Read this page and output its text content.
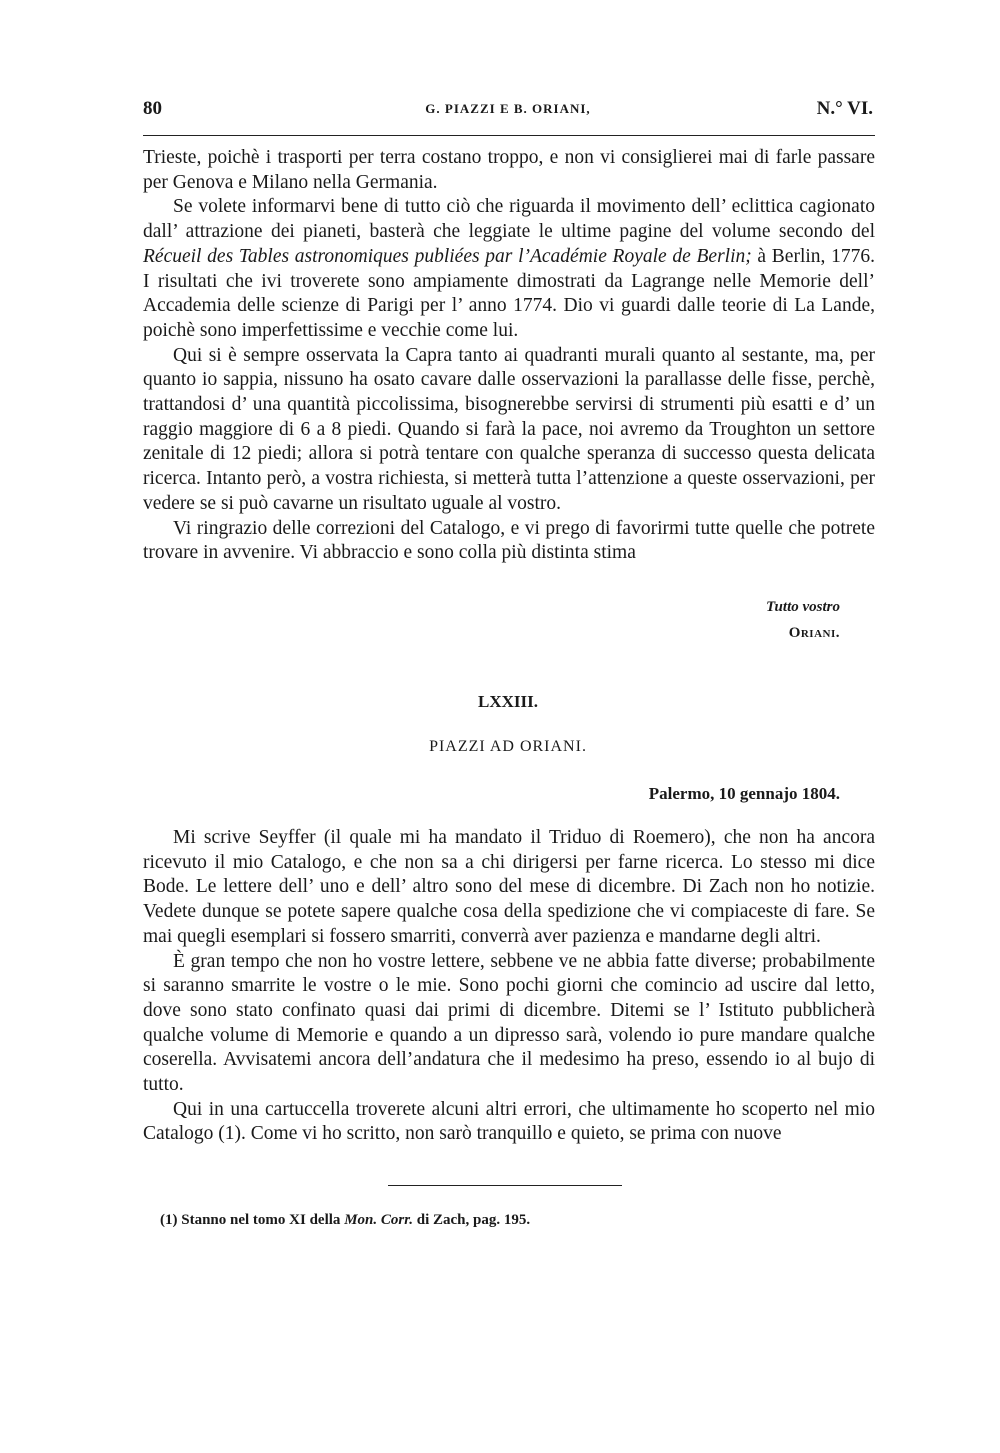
80	G. PIAZZI E B. ORIANI,	N.° VI.

Trieste, poichè i trasporti per terra costano troppo, e non vi consiglierei mai di farle passare per Genova e Milano nella Germania.

Se volete informarvi bene di tutto ciò che riguarda il movimento dell’ eclittica cagionato dall’ attrazione dei pianeti, basterà che leggiate le ultime pagine del volume secondo del Récueil des Tables astronomiques publiées par l’Académie Royale de Berlin; à Berlin, 1776. I risultati che ivi troverete sono ampiamente dimostrati da Lagrange nelle Memorie dell’ Accademia delle scienze di Parigi per l’ anno 1774. Dio vi guardi dalle teorie di La Lande, poichè sono imperfettissime e vecchie come lui.

Qui si è sempre osservata la Capra tanto ai quadranti murali quanto al sestante, ma, per quanto io sappia, nissuno ha osato cavare dalle osservazioni la parallasse delle fisse, perchè, trattandosi d’ una quantità piccolissima, bisognerebbe servirsi di strumenti più esatti e d’ un raggio maggiore di 6 a 8 piedi. Quando si farà la pace, noi avremo da Troughton un settore zenitale di 12 piedi; allora si potrà tentare con qualche speranza di successo questa delicata ricerca. Intanto però, a vostra richiesta, si metterà tutta l’attenzione a queste osservazioni, per vedere se si può cavarne un risultato uguale al vostro.

Vi ringrazio delle correzioni del Catalogo, e vi prego di favorirmi tutte quelle che potrete trovare in avvenire. Vi abbraccio e sono colla più distinta stima

Tutto vostro
Oriani.
LXXIII.
PIAZZI AD ORIANI.
Palermo, 10 gennajo 1804.

Mi scrive Seyffer (il quale mi ha mandato il Triduo di Roemero), che non ha ancora ricevuto il mio Catalogo, e che non sa a chi dirigersi per farne ricerca. Lo stesso mi dice Bode. Le lettere dell’ uno e dell’ altro sono del mese di dicembre. Di Zach non ho notizie. Vedete dunque se potete sapere qualche cosa della spedizione che vi compiaceste di fare. Se mai quegli esemplari si fossero smarriti, converrà aver pazienza e mandarne degli altri.

È gran tempo che non ho vostre lettere, sebbene ve ne abbia fatte diverse; probabilmente si saranno smarrite le vostre o le mie. Sono pochi giorni che comincio ad uscire dal letto, dove sono stato confinato quasi dai primi di dicembre. Ditemi se l’ Istituto pubblicherà qualche volume di Memorie e quando a un dipresso sarà, volendo io pure mandare qualche coserella. Avvisatemi ancora dell’andatura che il medesimo ha preso, essendo io al bujo di tutto.

Qui in una cartuccella troverete alcuni altri errori, che ultimamente ho scoperto nel mio Catalogo (1). Come vi ho scritto, non sarò tranquillo e quieto, se prima con nuove

(1) Stanno nel tomo XI della Mon. Corr. di Zach, pag. 195.
